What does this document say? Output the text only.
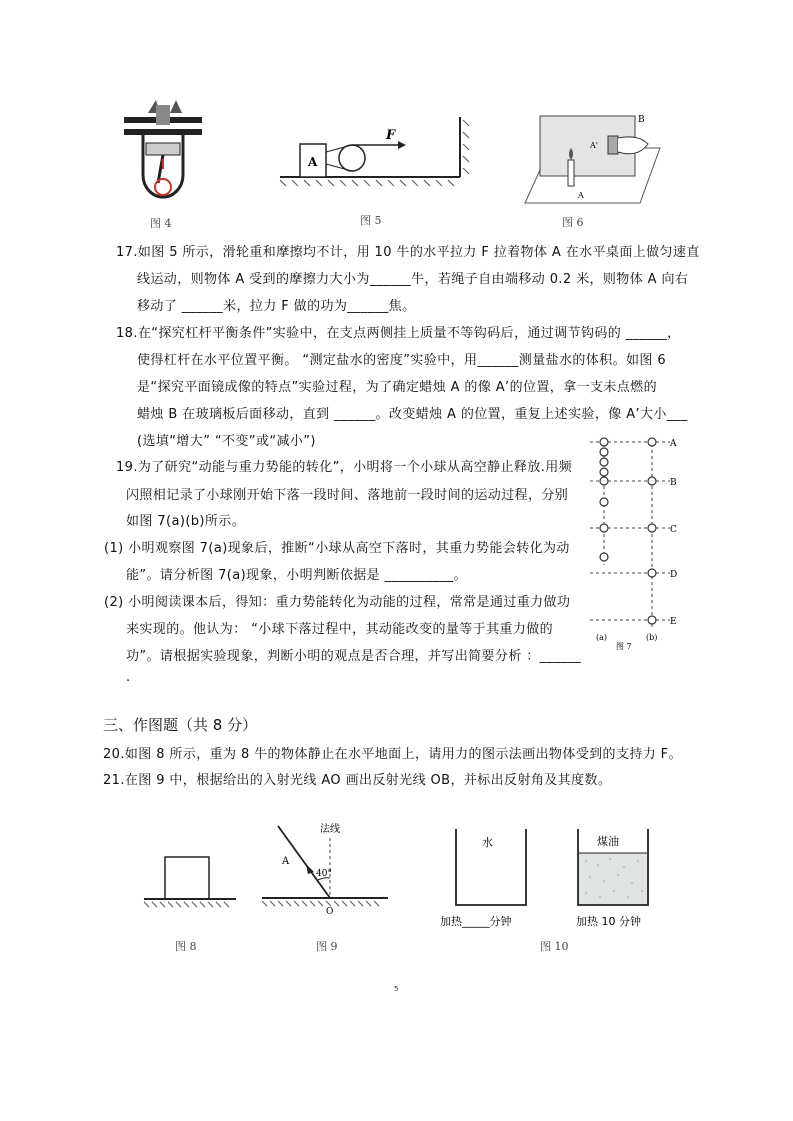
图 4
A
F
图 5
A
A'
B
图 6
17.如图 5 所示，滑轮重和摩擦均不计，用 10 牛的水平拉力 F 拉着物体 A 在水平桌面上做匀速直
线运动，则物体 A 受到的摩擦力大小为______牛，若绳子自由端移动 0.2 米，则物体 A 向右
移动了 ______米，拉力 F 做的功为______焦。
18.在“探究杠杆平衡条件”实验中，在支点两侧挂上质量不等钩码后，通过调节钩码的 ______，
使得杠杆在水平位置平衡。 “测定盐水的密度”实验中，用______测量盐水的体积。如图 6
是“探究平面镜成像的特点”实验过程，为了确定蜡烛 A 的像 A’的位置，拿一支未点燃的
蜡烛 B 在玻璃板后面移动，直到 ______。改变蜡烛 A 的位置，重复上述实验，像 A’大小___
(选填“增大” “不变”或“减小”)	A
B
C
D
E
(a)	(b)
图 7
19.为了研究“动能与重力势能的转化”，小明将一个小球从高空静止释放.用频
闪照相记录了小球刚开始下落一段时间、落地前一段时间的运动过程，分别
如图 7(a)(b)所示。
(1) 小明观察图 7(a)现象后，推断“小球从高空下落时，其重力势能会转化为动
能”。请分析图 7(a)现象，小明判断依据是 __________。
(2) 小明阅读课本后，得知：重力势能转化为动能的过程，常常是通过重力做功
来实现的。他认为： “小球下落过程中，其动能改变的量等于其重力做的
功”。请根据实验现象，判断小明的观点是否合理，并写出简要分析 ：______
.
三、作图题（共 8 分）
20.如图 8 所示，重为 8 牛的物体静止在水平地面上，请用力的图示法画出物体受到的支持力 F。
21.在图 9 中，根据给出的入射光线 AO 画出反射光线 OB，并标出反射角及其度数。
图 8
法线
A
40°
O
图 9
水	煤油
加热_____分钟	加热 10 分钟
图 10
5
